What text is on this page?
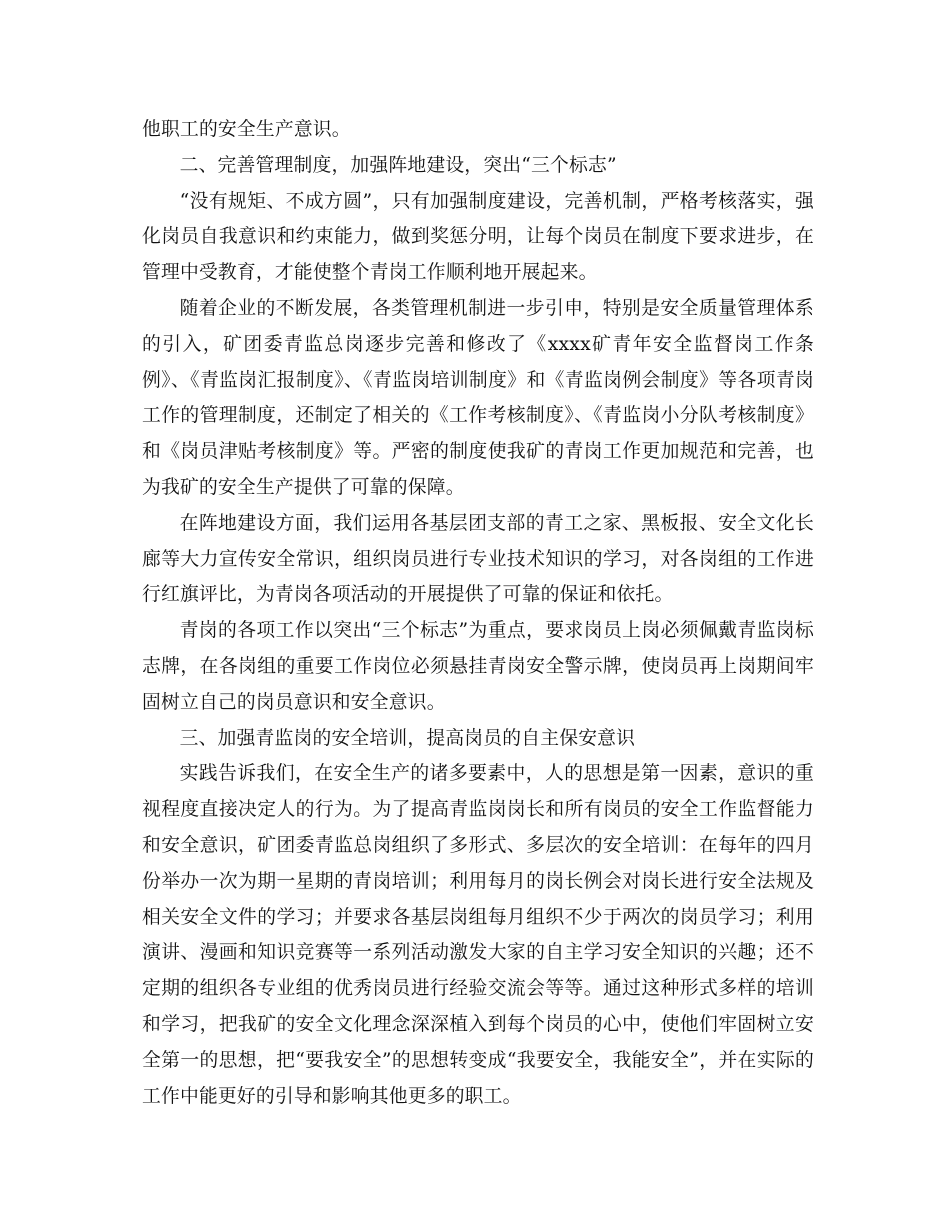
他职工的安全生产意识。

二、完善管理制度，加强阵地建设，突出“三个标志”

“没有规矩、不成方圆”，只有加强制度建设，完善机制，严格考核落实，强化岗员自我意识和约束能力，做到奖惩分明，让每个岗员在制度下要求进步，在管理中受教育，才能使整个青岗工作顺利地开展起来。

随着企业的不断发展，各类管理机制进一步引申，特别是安全质量管理体系的引入，矿团委青监总岗逐步完善和修改了《xxxx矿青年安全监督岗工作条例》、《青监岗汇报制度》、《青监岗培训制度》和《青监岗例会制度》等各项青岗工作的管理制度，还制定了相关的《工作考核制度》、《青监岗小分队考核制度》和《岗员津贴考核制度》等。严密的制度使我矿的青岗工作更加规范和完善，也为我矿的安全生产提供了可靠的保障。

在阵地建设方面，我们运用各基层团支部的青工之家、黑板报、安全文化长廊等大力宣传安全常识，组织岗员进行专业技术知识的学习，对各岗组的工作进行红旗评比，为青岗各项活动的开展提供了可靠的保证和依托。

青岗的各项工作以突出“三个标志”为重点，要求岗员上岗必须佩戴青监岗标志牌，在各岗组的重要工作岗位必须悬挂青岗安全警示牌，使岗员再上岗期间牢固树立自己的岗员意识和安全意识。

三、加强青监岗的安全培训，提高岗员的自主保安意识

实践告诉我们，在安全生产的诸多要素中，人的思想是第一因素，意识的重视程度直接决定人的行为。为了提高青监岗岗长和所有岗员的安全工作监督能力和安全意识，矿团委青监总岗组织了多形式、多层次的安全培训：在每年的四月份举办一次为期一星期的青岗培训；利用每月的岗长例会对岗长进行安全法规及相关安全文件的学习；并要求各基层岗组每月组织不少于两次的岗员学习；利用演讲、漫画和知识竞赛等一系列活动激发大家的自主学习安全知识的兴趣；还不定期的组织各专业组的优秀岗员进行经验交流会等等。通过这种形式多样的培训和学习，把我矿的安全文化理念深深植入到每个岗员的心中，使他们牢固树立安全第一的思想，把“要我安全”的思想转变成“我要安全，我能安全”，并在实际的工作中能更好的引导和影响其他更多的职工。
